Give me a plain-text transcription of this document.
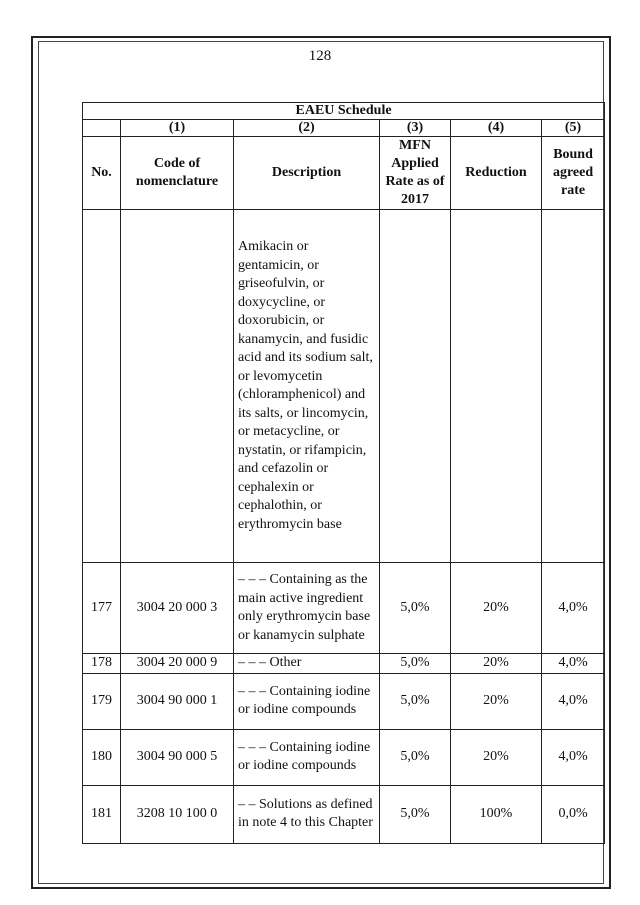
128
EAEU Schedule					
	(1)	(2)	(3)	(4)	(5)
No.	Code of nomenclature	Description	MFN Applied Rate as of 2017	Reduction	Bound agreed rate
		Amikacin or gentamicin, or griseofulvin, or doxycycline, or doxorubicin, or kanamycin, and fusidic acid and its sodium salt, or levomycetin (chloramphenicol) and its salts, or lincomycin, or metacycline, or nystatin, or rifampicin, and cefazolin or cephalexin or cephalothin, or erythromycin base			
177	3004 20 000 3	– – – Containing as the main active ingredient only erythromycin base or kanamycin sulphate	5,0%	20%	4,0%
178	3004 20 000 9	– – – Other	5,0%	20%	4,0%
179	3004 90 000 1	– – – Containing iodine or iodine compounds	5,0%	20%	4,0%
180	3004 90 000 5	– – – Containing iodine or iodine compounds	5,0%	20%	4,0%
181	3208 10 100 0	– – Solutions as defined in note 4 to this Chapter	5,0%	100%	0,0%
